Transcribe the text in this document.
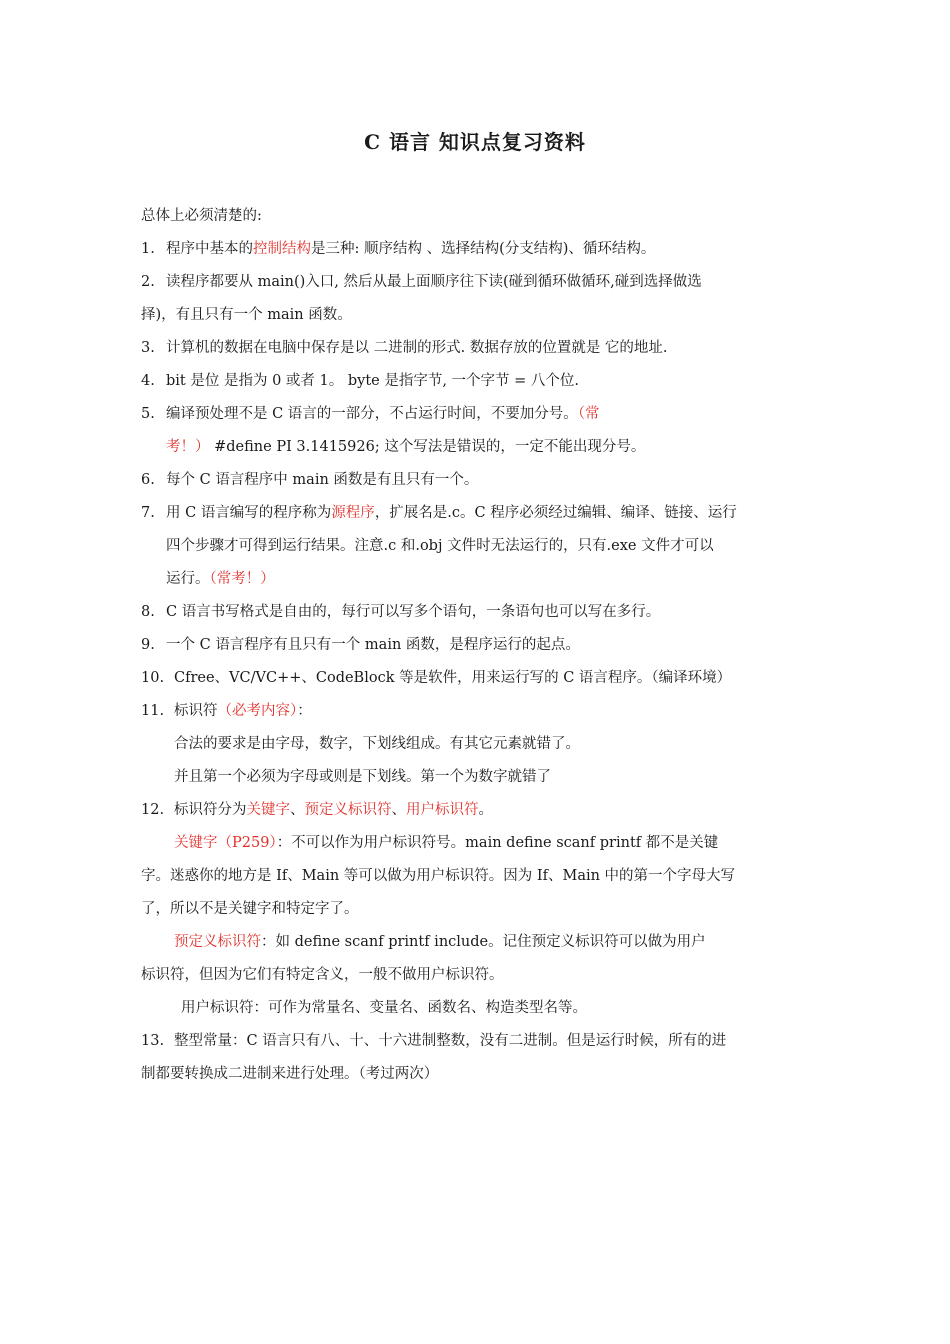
C 语言 知识点复习资料
总体上必须清楚的:
1. 程序中基本的控制结构是三种: 顺序结构 、选择结构(分支结构)、循环结构。
2. 读程序都要从 main()入口, 然后从最上面顺序往下读(碰到循环做循环,碰到选择做选
择)，有且只有一个 main 函数。
3. 计算机的数据在电脑中保存是以 二进制的形式. 数据存放的位置就是 它的地址.
4. bit 是位 是指为 0 或者 1。 byte 是指字节, 一个字节 = 八个位.
5. 编译预处理不是 C 语言的一部分，不占运行时间，不要加分号。（常
考！） #define PI 3.1415926; 这个写法是错误的，一定不能出现分号。
6. 每个 C 语言程序中 main 函数是有且只有一个。
7. 用 C 语言编写的程序称为源程序，扩展名是.c。C 程序必须经过编辑、编译、链接、运行
四个步骤才可得到运行结果。注意.c 和.obj 文件时无法运行的，只有.exe 文件才可以
运行。（常考！）
8. C 语言书写格式是自由的，每行可以写多个语句，一条语句也可以写在多行。
9. 一个 C 语言程序有且只有一个 main 函数，是程序运行的起点。
10. Cfree、VC/VC++、CodeBlock 等是软件，用来运行写的 C 语言程序。（编译环境）
11. 标识符（必考内容）：
合法的要求是由字母，数字，下划线组成。有其它元素就错了。
并且第一个必须为字母或则是下划线。第一个为数字就错了
12. 标识符分为关键字、预定义标识符、用户标识符。
关键字（P259）：不可以作为用户标识符号。main define scanf printf 都不是关键
字。迷惑你的地方是 If、Main 等可以做为用户标识符。因为 If、Main 中的第一个字母大写
了，所以不是关键字和特定字了。
预定义标识符：如 define scanf printf include。记住预定义标识符可以做为用户
标识符，但因为它们有特定含义，一般不做用户标识符。
用户标识符：可作为常量名、变量名、函数名、构造类型名等。
13. 整型常量：C 语言只有八、十、十六进制整数，没有二进制。但是运行时候，所有的进
制都要转换成二进制来进行处理。（考过两次）
